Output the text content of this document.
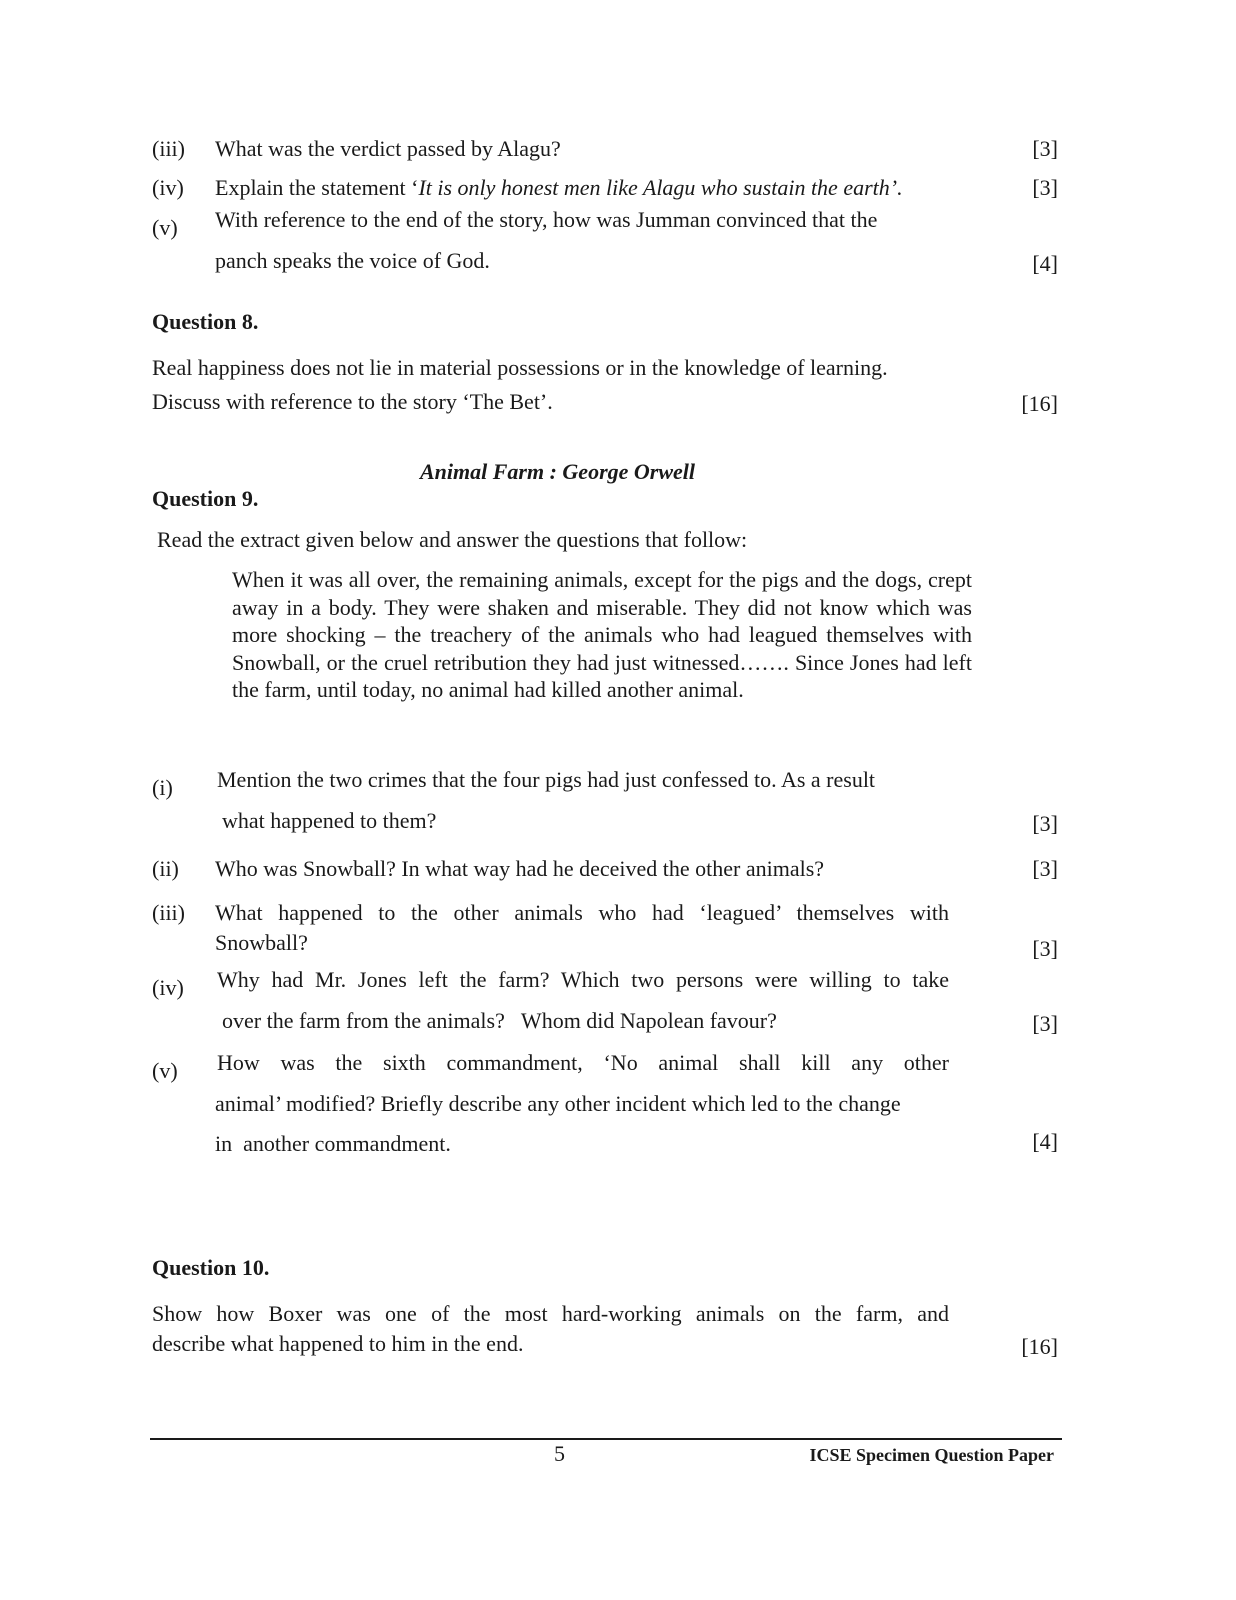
(iii) What was the verdict passed by Alagu?	[3]
(iv) Explain the statement ‘It is only honest men like Alagu who sustain the earth’.	[3]
(v) With reference to the end of the story, how was Jumman convinced that the
panch speaks the voice of God.	[4]
Question 8.
Real happiness does not lie in material possessions or in the knowledge of learning.
Discuss with reference to the story ‘The Bet’.	[16]
Animal Farm : George Orwell
Question 9.
Read the extract given below and answer the questions that follow:

When it was all over, the remaining animals, except for the pigs and the dogs, crept away in a body. They were shaken and miserable. They did not know which was more shocking – the treachery of the animals who had leagued themselves with Snowball, or the cruel retribution they had just witnessed……. Since Jones had left the farm, until today, no animal had killed another animal.

(i) Mention the two crimes that the four pigs had just confessed to. As a result
what happened to them?	[3]
(ii) Who was Snowball? In what way had he deceived the other animals?	[3]
(iii) What happened to the other animals who had ‘leagued’ themselves with
Snowball?	[3]
(iv) Why had Mr. Jones left the farm? Which two persons were willing to take
over the farm from the animals?   Whom did Napolean favour?	[3]
(v) How was the sixth commandment, ‘No animal shall kill any other
animal’ modified? Briefly describe any other incident which led to the change
in  another commandment.	[4]
Question 10.
Show how Boxer was one of the most hard-working animals on the farm, and
describe what happened to him in the end.	[16]
5	ICSE Specimen Question Paper
